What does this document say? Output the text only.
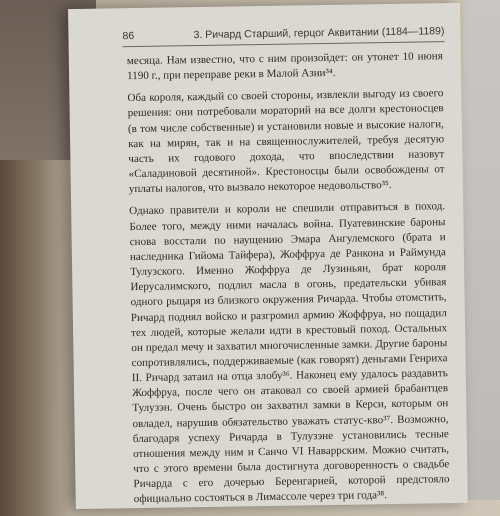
86	3. Ричард Старший, герцог Аквитании (1184—1189)

месяца. Нам известно, что с ним произойдет: он утонет 10 июня 1190 г., при переправе реки в Малой Азии³⁴.

Оба короля, каждый со своей стороны, извлекли выгоду из своего решения: они потребовали мораторий на все долги крестоносцев (в том числе собственные) и установили новые и высокие налоги, как на мирян, так и на священнослужителей, требуя десятую часть их годового дохода, что впоследствии назовут «Саладиновой десятиной». Крестоносцы были освобождены от уплаты налогов, что вызвало некоторое недовольство³⁵.

Однако правители и короли не спешили отправиться в поход. Более того, между ними началась война. Пуатевинские бароны снова восстали по наущению Эмара Ангулемского (брата и наследника Гийома Тайфера), Жоффруа де Ранкона и Раймунда Тулузского. Именно Жоффруа де Лузиньян, брат короля Иерусалимского, подлил масла в огонь, предательски убивая одного рыцаря из близкого окружения Ричарда. Чтобы отомстить, Ричард поднял войско и разгромил армию Жоффруа, но пощадил тех людей, которые желали идти в крестовый поход. Остальных он предал мечу и захватил многочисленные замки. Другие бароны сопротивлялись, поддерживаемые (как говорят) деньгами Генриха II. Ричард затаил на отца злобу³⁶. Наконец ему удалось раздавить Жоффруа, после чего он атаковал со своей армией брабантцев Тулузэн. Очень быстро он захватил замки в Керси, которым он овладел, нарушив обязательство уважать статус-кво³⁷. Возможно, благодаря успеху Ричарда в Тулузэне установились тесные отношения между ним и Санчо VI Наваррским. Можно считать, что с этого времени была достигнута договоренность о свадьбе Ричарда с его дочерью Беренгарией, которой предстояло официально состояться в Лимассоле через три года³⁸.
